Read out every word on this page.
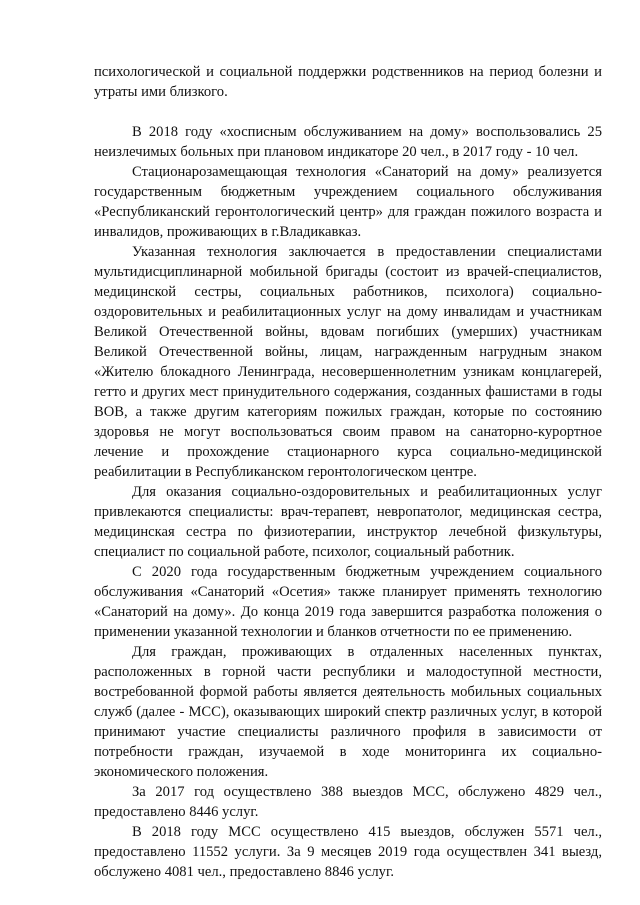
психологической и социальной поддержки родственников на период болезни и утраты ими близкого.

В 2018 году «хосписным обслуживанием на дому» воспользовались 25 неизлечимых больных при плановом индикаторе 20 чел., в 2017 году - 10 чел.

Стационарозамещающая технология «Санаторий на дому» реализуется государственным бюджетным учреждением социального обслуживания «Республиканский геронтологический центр» для граждан пожилого возраста и инвалидов, проживающих в г.Владикавказ.

Указанная технология заключается в предоставлении специалистами мультидисциплинарной мобильной бригады (состоит из врачей-специалистов, медицинской сестры, социальных работников, психолога) социально-оздоровительных и реабилитационных услуг на дому инвалидам и участникам Великой Отечественной войны, вдовам погибших (умерших) участникам Великой Отечественной войны, лицам, награжденным нагрудным знаком «Жителю блокадного Ленинграда, несовершеннолетним узникам концлагерей, гетто и других мест принудительного содержания, созданных фашистами в годы ВОВ, а также другим категориям пожилых граждан, которые по состоянию здоровья не могут воспользоваться своим правом на санаторно-курортное лечение и прохождение стационарного курса социально-медицинской реабилитации в Республиканском геронтологическом центре.

Для оказания социально-оздоровительных и реабилитационных услуг привлекаются специалисты: врач-терапевт, невропатолог, медицинская сестра, медицинская сестра по физиотерапии, инструктор лечебной физкультуры, специалист по социальной работе, психолог, социальный работник.

С 2020 года государственным бюджетным учреждением социального обслуживания «Санаторий «Осетия» также планирует применять технологию «Санаторий на дому». До конца 2019 года завершится разработка положения о применении указанной технологии и бланков отчетности по ее применению.

Для граждан, проживающих в отдаленных населенных пунктах, расположенных в горной части республики и малодоступной местности, востребованной формой работы является деятельность мобильных социальных служб (далее - МСС), оказывающих широкий спектр различных услуг, в которой принимают участие специалисты различного профиля в зависимости от потребности граждан, изучаемой в ходе мониторинга их социально-экономического положения.

За 2017 год осуществлено 388 выездов МСС, обслужено 4829 чел., предоставлено 8446 услуг.

В 2018 году МСС осуществлено 415 выездов, обслужен 5571 чел., предоставлено 11552 услуги. За 9 месяцев 2019 года осуществлен 341 выезд, обслужено 4081 чел., предоставлено 8846 услуг.
